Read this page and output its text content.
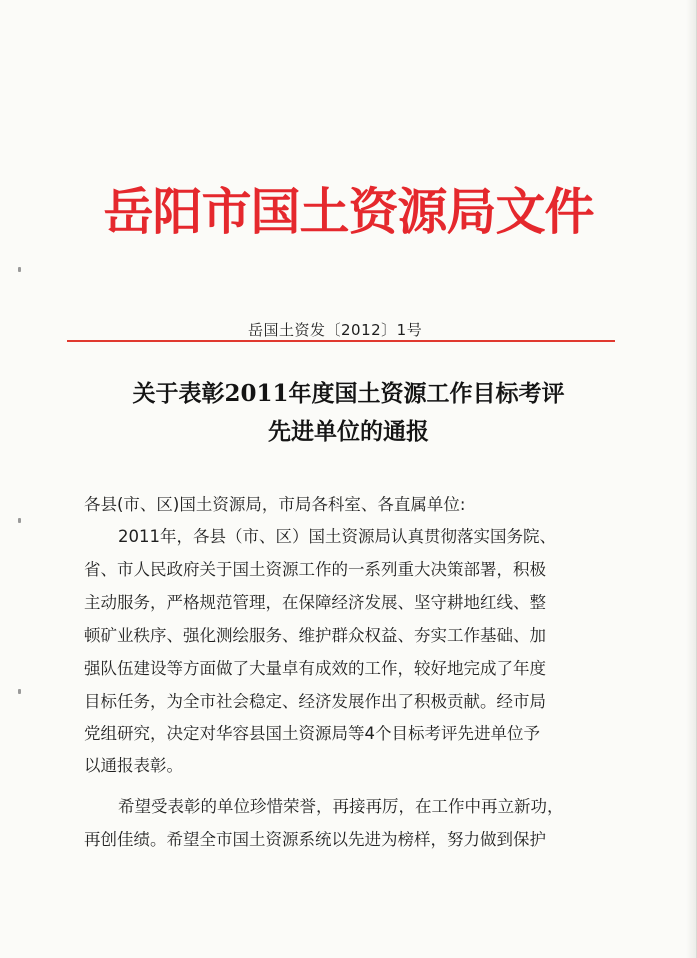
岳阳市国土资源局文件
岳国土资发〔2012〕1号
关于表彰2011年度国土资源工作目标考评
先进单位的通报
各县(市、区)国土资源局，市局各科室、各直属单位:
2011年，各县（市、区）国土资源局认真贯彻落实国务院、
省、市人民政府关于国土资源工作的一系列重大决策部署，积极
主动服务，严格规范管理，在保障经济发展、坚守耕地红线、整
顿矿业秩序、强化测绘服务、维护群众权益、夯实工作基础、加
强队伍建设等方面做了大量卓有成效的工作，较好地完成了年度
目标任务，为全市社会稳定、经济发展作出了积极贡献。经市局
党组研究，决定对华容县国土资源局等4个目标考评先进单位予
以通报表彰。
希望受表彰的单位珍惜荣誉，再接再厉，在工作中再立新功，
再创佳绩。希望全市国土资源系统以先进为榜样，努力做到保护
